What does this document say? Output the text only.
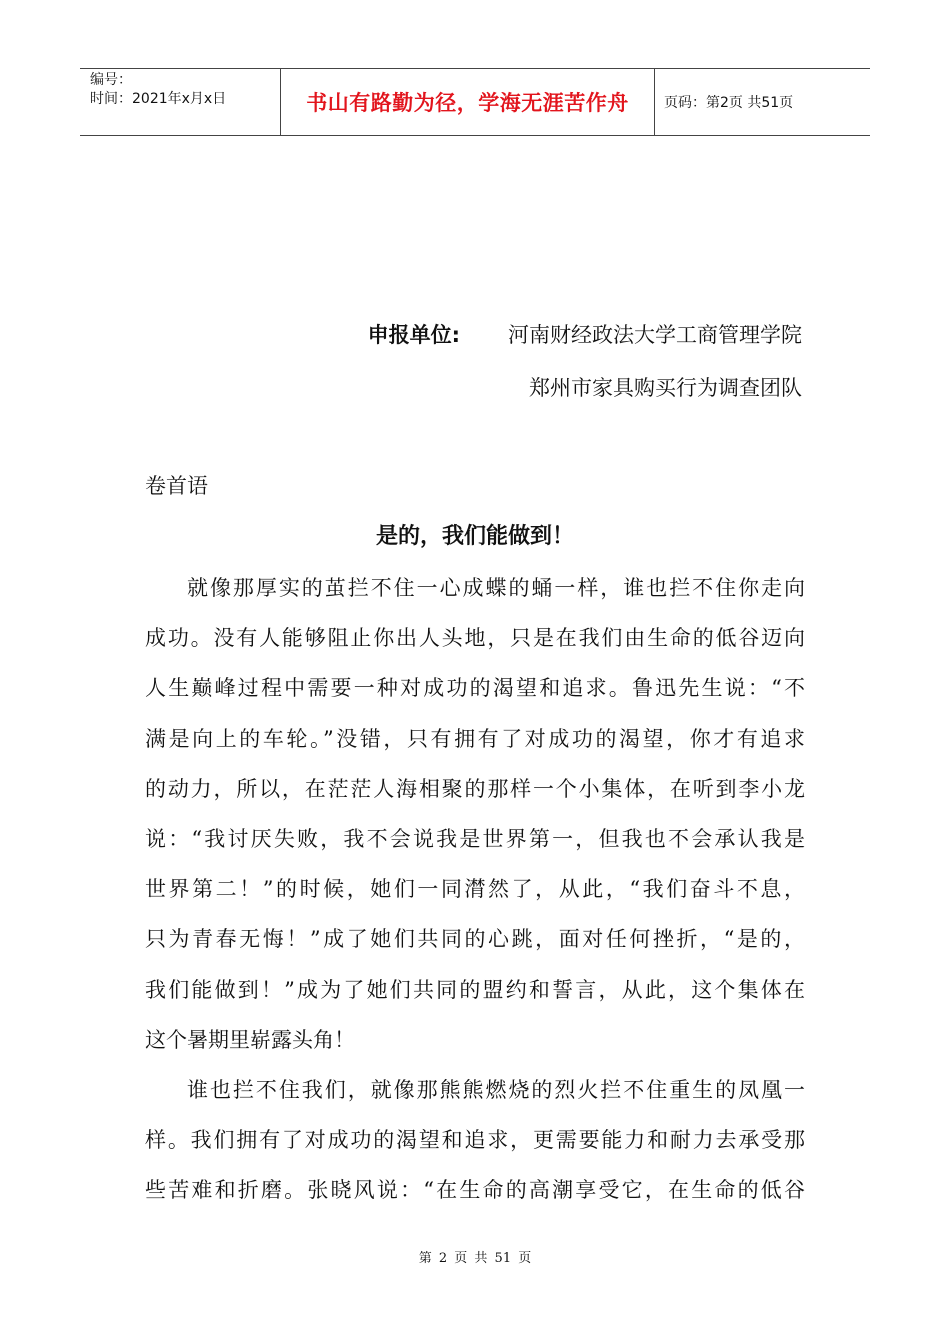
编号：
时间：2021年x月x日	书山有路勤为径，学海无涯苦作舟	页码：第2页 共51页
申报单位: 河南财经政法大学工商管理学院
郑州市家具购买行为调查团队
卷首语
是的，我们能做到！
就像那厚实的茧拦不住一心成蝶的蛹一样，谁也拦不住你走向
成功。没有人能够阻止你出人头地，只是在我们由生命的低谷迈向
人生巅峰过程中需要一种对成功的渴望和追求。鲁迅先生说：“不
满是向上的车轮。”没错，只有拥有了对成功的渴望，你才有追求
的动力，所以，在茫茫人海相聚的那样一个小集体，在听到李小龙
说：“我讨厌失败，我不会说我是世界第一，但我也不会承认我是
世界第二！”的时候，她们一同潸然了，从此，“我们奋斗不息，
只为青春无悔！”成了她们共同的心跳，面对任何挫折，“是的，
我们能做到！”成为了她们共同的盟约和誓言，从此，这个集体在
这个暑期里崭露头角！
谁也拦不住我们，就像那熊熊燃烧的烈火拦不住重生的凤凰一
样。我们拥有了对成功的渴望和追求，更需要能力和耐力去承受那
些苦难和折磨。张晓风说：“在生命的高潮享受它，在生命的低谷
第 2 页 共 51 页
